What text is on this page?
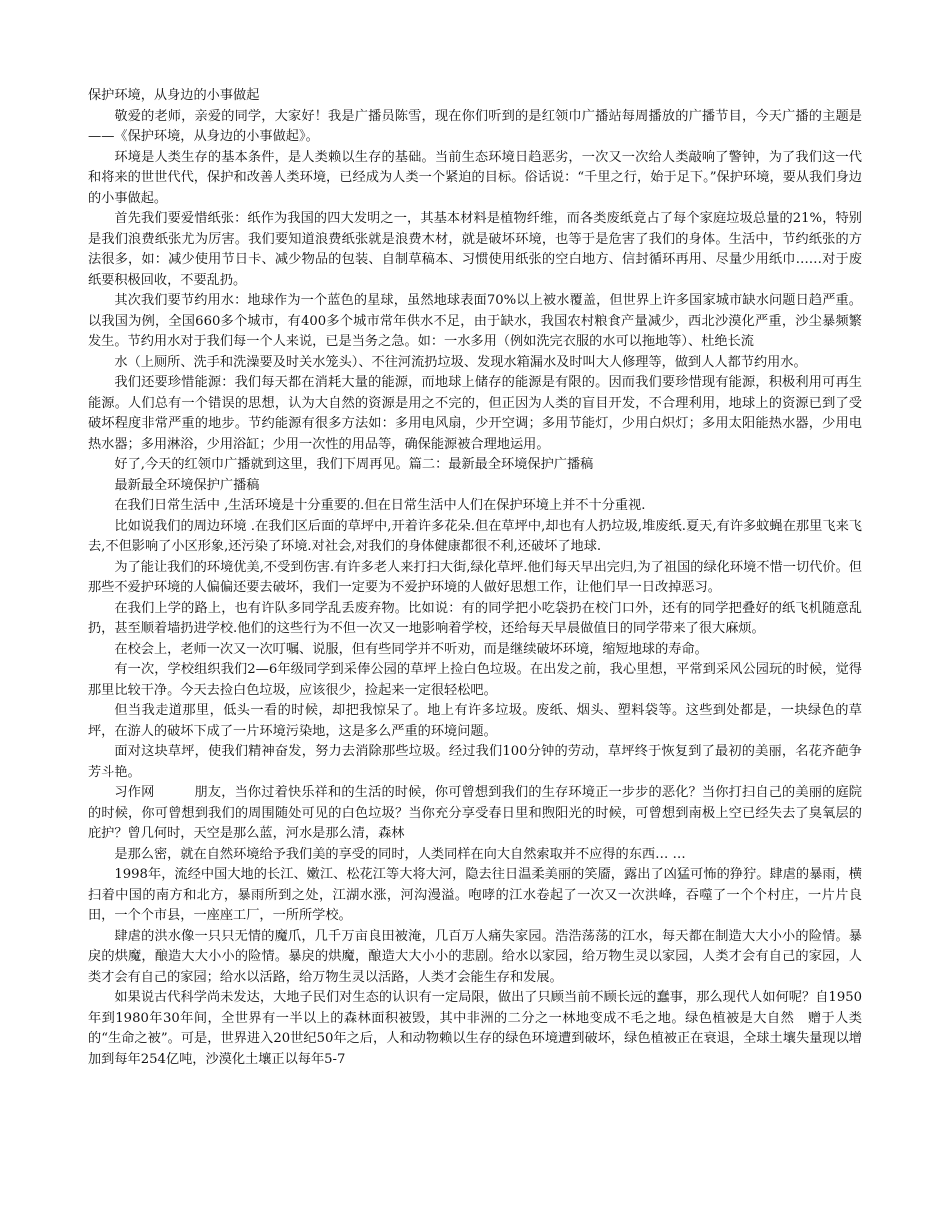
保护环境，从身边的小事做起

敬爱的老师，亲爱的同学，大家好！我是广播员陈雪，现在你们听到的是红领巾广播站每周播放的广播节目，今天广播的主题是——《保护环境，从身边的小事做起》。

环境是人类生存的基本条件，是人类赖以生存的基础。当前生态环境日趋恶劣，一次又一次给人类敲响了警钟，为了我们这一代和将来的世世代代，保护和改善人类环境，已经成为人类一个紧迫的目标。俗话说：“千里之行，始于足下。”保护环境，要从我们身边的小事做起。

首先我们要爱惜纸张：纸作为我国的四大发明之一，其基本材料是植物纤维，而各类废纸竟占了每个家庭垃圾总量的21%，特别是我们浪费纸张尤为厉害。我们要知道浪费纸张就是浪费木材，就是破坏环境，也等于是危害了我们的身体。生活中，节约纸张的方法很多，如：减少使用节日卡、减少物品的包装、自制草稿本、习惯使用纸张的空白地方、信封循环再用、尽量少用纸巾……对于废纸要积极回收，不要乱扔。

其次我们要节约用水：地球作为一个蓝色的星球，虽然地球表面70%以上被水覆盖，但世界上许多国家城市缺水问题日趋严重。以我国为例，全国660多个城市，有400多个城市常年供水不足，由于缺水，我国农村粮食产量减少，西北沙漠化严重，沙尘暴频繁发生。节约用水对于我们每一个人来说，已是当务之急。如：一水多用（例如洗完衣服的水可以拖地等）、杜绝长流

水（上厕所、洗手和洗澡要及时关水笼头）、不往河流扔垃圾、发现水箱漏水及时叫大人修理等，做到人人都节约用水。

我们还要珍惜能源：我们每天都在消耗大量的能源，而地球上储存的能源是有限的。因而我们要珍惜现有能源，积极利用可再生能源。人们总有一个错误的思想，认为大自然的资源是用之不完的，但正因为人类的盲目开发，不合理利用，地球上的资源已到了受破坏程度非常严重的地步。节约能源有很多方法如：多用电风扇，少开空调；多用节能灯，少用白炽灯；多用太阳能热水器，少用电热水器；多用淋浴，少用浴缸；少用一次性的用品等，确保能源被合理地运用。

好了,今天的红领巾广播就到这里，我们下周再见。篇二：最新最全环境保护广播稿

最新最全环境保护广播稿

在我们日常生活中 ,生活环境是十分重要的.但在日常生活中人们在保护环境上并不十分重视.

比如说我们的周边环境 .在我们区后面的草坪中,开着许多花朵.但在草坪中,却也有人扔垃圾,堆废纸.夏天,有许多蚊蝇在那里飞来飞去,不但影响了小区形象,还污染了环境.对社会,对我们的身体健康都很不利,还破坏了地球.

为了能让我们的环境优美,不受到伤害.有许多老人来打扫大街,绿化草坪.他们每天早出完归,为了祖国的绿化环境不惜一切代价。但那些不爱护环境的人偏偏还要去破坏，我们一定要为不爱护环境的人做好思想工作，让他们早一日改掉恶习。

在我们上学的路上，也有许队多同学乱丢废弃物。比如说：有的同学把小吃袋扔在校门口外，还有的同学把叠好的纸飞机随意乱扔，甚至顺着墙扔进学校.他们的这些行为不但一次又一地影响着学校，还给每天早晨做值日的同学带来了很大麻烦。

在校会上，老师一次又一次叮嘱、说服，但有些同学并不听劝，而是继续破坏环境，缩短地球的寿命。

有一次，学校组织我们2—6年级同学到采俸公园的草坪上捡白色垃圾。在出发之前，我心里想，平常到采风公园玩的时候，觉得那里比较干净。今天去捡白色垃圾，应该很少，捡起来一定很轻松吧。

但当我走道那里，低头一看的时候，却把我惊呆了。地上有许多垃圾。废纸、烟头、塑料袋等。这些到处都是，一块绿色的草坪，在游人的破坏下成了一片环境污染地，这是多么严重的环境问题。

面对这块草坪，使我们精神奋发，努力去消除那些垃圾。经过我们100分钟的劳动，草坪终于恢复到了最初的美丽，名花齐葩争芳斗艳。

习作网　　　朋友，当你过着快乐祥和的生活的时候，你可曾想到我们的生存环境正一步步的恶化？当你打扫自己的美丽的庭院的时候，你可曾想到我们的周围随处可见的白色垃圾？当你充分享受春日里和煦阳光的时候，可曾想到南极上空已经失去了臭氧层的庇护？曾几何时，天空是那么蓝，河水是那么清，森林

是那么密，就在自然环境给予我们美的享受的同时，人类同样在向大自然索取并不应得的东西… …

1998年，流经中国大地的长江、嫩江、松花江等大将大河，隐去往日温柔美丽的笑靥，露出了凶猛可怖的狰狞。肆虐的暴雨，横扫着中国的南方和北方，暴雨所到之处，江湖水涨，河沟漫溢。咆哮的江水卷起了一次又一次洪峰，吞噬了一个个村庄，一片片良田，一个个市县，一座座工厂，一所所学校。

肆虐的洪水像一只只无情的魔爪，几千万亩良田被淹，几百万人痛失家园。浩浩荡荡的江水，每天都在制造大大小小的险情。暴戾的烘魔，酿造大大小小的险情。暴戾的烘魔，酿造大大小小的悲剧。给水以家园，给万物生灵以家园，人类才会有自己的家园，人类才会有自己的家园；给水以活路，给万物生灵以活路，人类才会能生存和发展。

如果说古代科学尚未发达，大地子民们对生态的认识有一定局限，做出了只顾当前不顾长远的蠢事，那么现代人如何呢？自1950年到1980年30年间，全世界有一半以上的森林面积被毁，其中非洲的二分之一林地变成不毛之地。绿色植被是大自然　赠于人类的“生命之被”。可是，世界进入20世纪50年之后，人和动物赖以生存的绿色环境遭到破坏，绿色植被正在衰退，全球土壤失量现以增加到每年254亿吨，沙漠化土壤正以每年5-7
